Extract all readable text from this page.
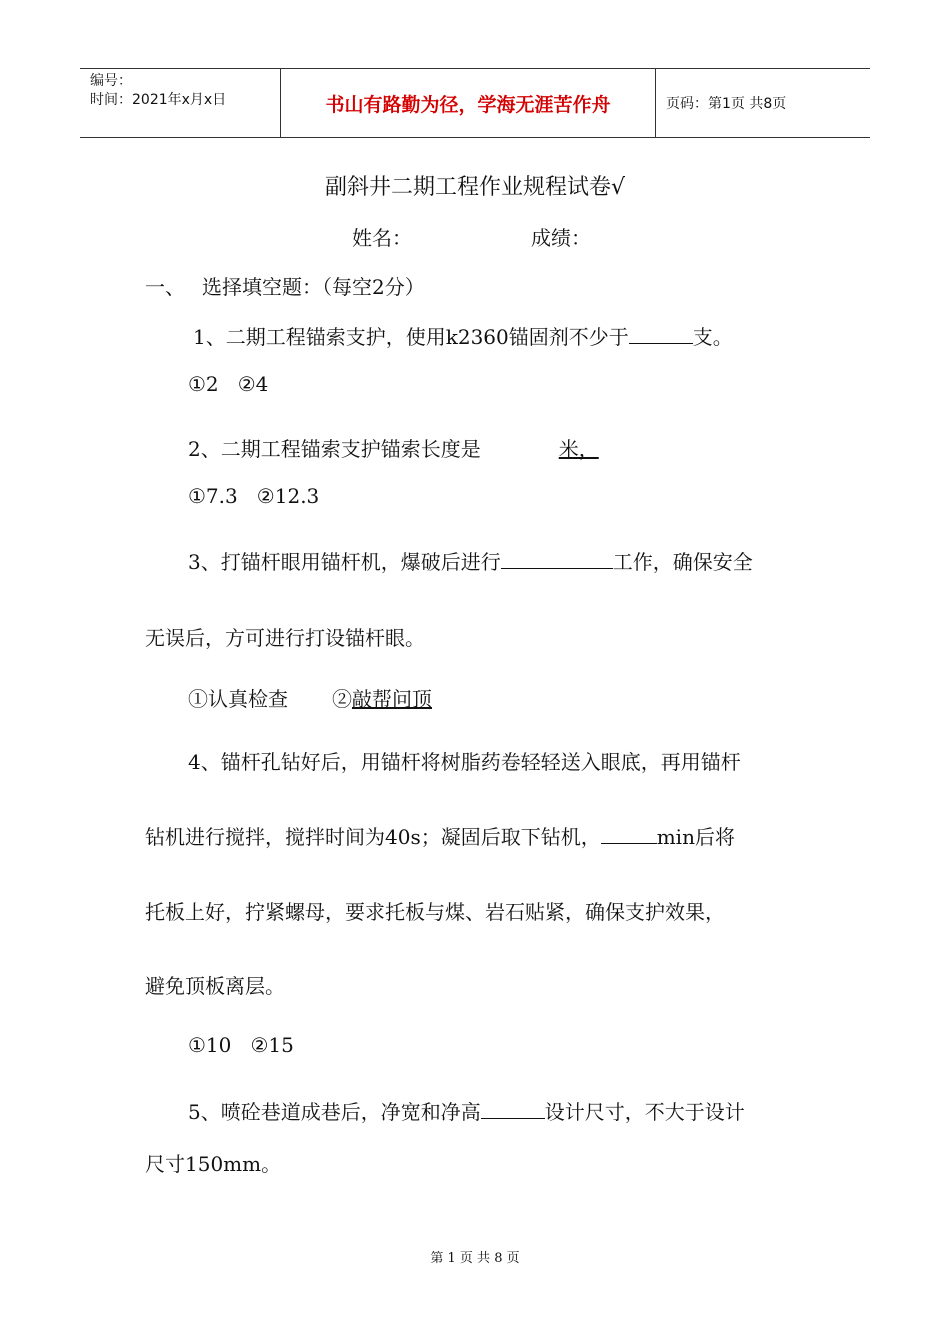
编号：
时间：2021年x月x日	书山有路勤为径，学海无涯苦作舟	页码：第1页 共8页
副斜井二期工程作业规程试卷√
姓名：	成绩：
一、 选择填空题：（每空2分）
1、二期工程锚索支护，使用k2360锚固剂不少于	支。
①2   ②4
2、二期工程锚索支护锚索长度是	米，
①7.3   ②12.3
3、打锚杆眼用锚杆机，爆破后进行	工作，确保安全
无误后，方可进行打设锚杆眼。
①认真检查 ②敲帮问顶
4、锚杆孔钻好后，用锚杆将树脂药卷轻轻送入眼底，再用锚杆
钻机进行搅拌，搅拌时间为40s；凝固后取下钻机，	min后将
托板上好，拧紧螺母，要求托板与煤、岩石贴紧，确保支护效果，
避免顶板离层。
①10   ②15
5、喷砼巷道成巷后，净宽和净高	设计尺寸，不大于设计
尺寸150mm。
第 1 页 共 8 页
